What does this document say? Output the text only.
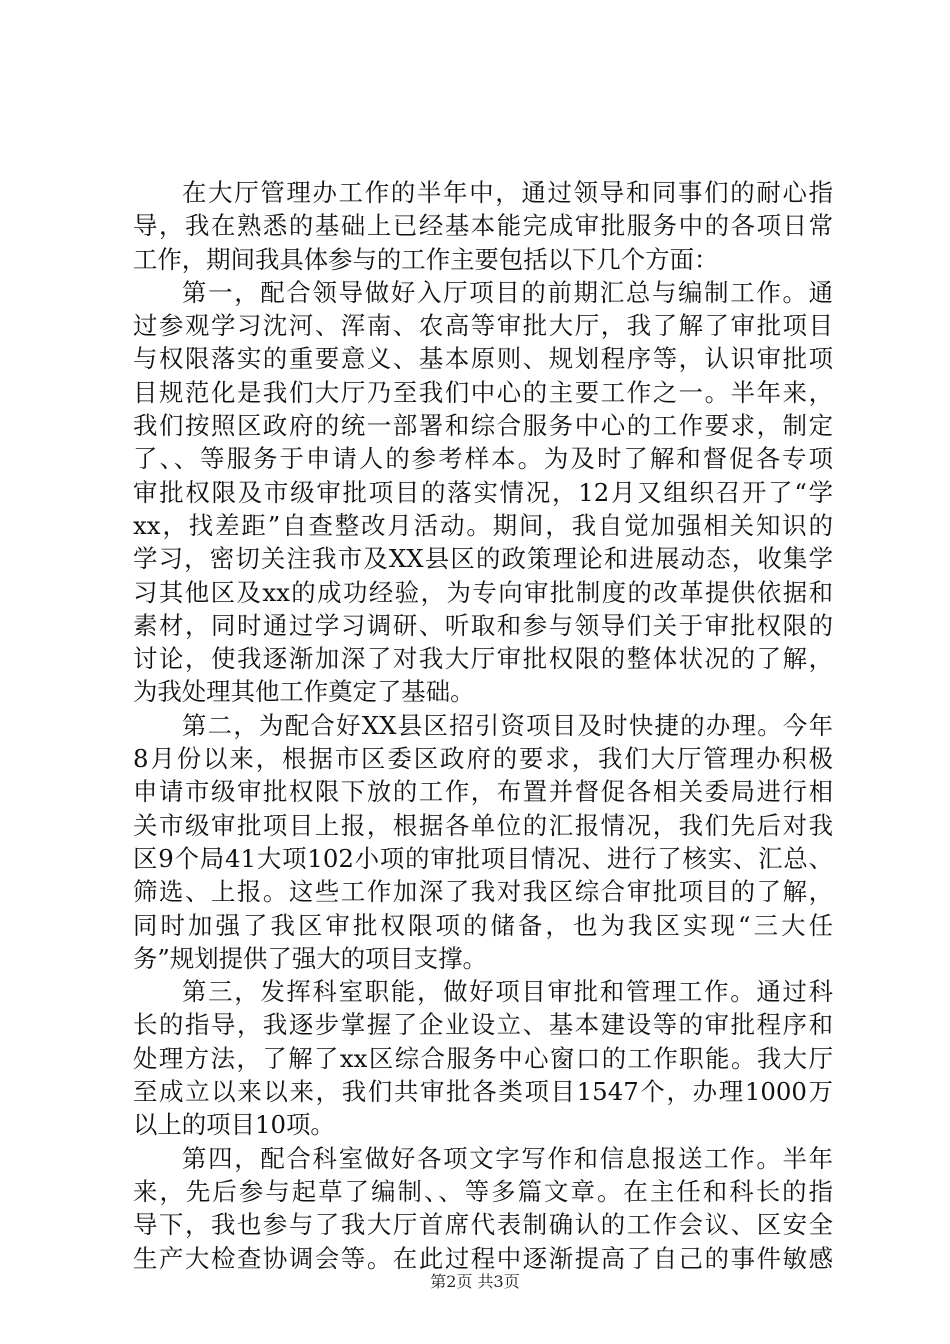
在大厅管理办工作的半年中，通过领导和同事们的耐心指
导，我在熟悉的基础上已经基本能完成审批服务中的各项日常
工作，期间我具体参与的工作主要包括以下几个方面：
第一，配合领导做好入厅项目的前期汇总与编制工作。通
过参观学习沈河、浑南、农高等审批大厅，我了解了审批项目
与权限落实的重要意义、基本原则、规划程序等，认识审批项
目规范化是我们大厅乃至我们中心的主要工作之一。半年来，
我们按照区政府的统一部署和综合服务中心的工作要求，制定
了、、等服务于申请人的参考样本。为及时了解和督促各专项
审批权限及市级审批项目的落实情况，12月又组织召开了“学
xx，找差距”自查整改月活动。期间，我自觉加强相关知识的
学习，密切关注我市及XX县区的政策理论和进展动态，收集学
习其他区及xx的成功经验，为专向审批制度的改革提供依据和
素材，同时通过学习调研、听取和参与领导们关于审批权限的
讨论，使我逐渐加深了对我大厅审批权限的整体状况的了解，
为我处理其他工作奠定了基础。
第二，为配合好XX县区招引资项目及时快捷的办理。今年
8月份以来，根据市区委区政府的要求，我们大厅管理办积极
申请市级审批权限下放的工作，布置并督促各相关委局进行相
关市级审批项目上报，根据各单位的汇报情况，我们先后对我
区9个局41大项102小项的审批项目情况、进行了核实、汇总、
筛选、上报。这些工作加深了我对我区综合审批项目的了解，
同时加强了我区审批权限项的储备，也为我区实现“三大任
务”规划提供了强大的项目支撑。
第三，发挥科室职能，做好项目审批和管理工作。通过科
长的指导，我逐步掌握了企业设立、基本建设等的审批程序和
处理方法，了解了xx区综合服务中心窗口的工作职能。我大厅
至成立以来以来，我们共审批各类项目1547个，办理1000万
以上的项目10项。
第四，配合科室做好各项文字写作和信息报送工作。半年
来，先后参与起草了编制、、等多篇文章。在主任和科长的指
导下，我也参与了我大厅首席代表制确认的工作会议、区安全
生产大检查协调会等。在此过程中逐渐提高了自己的事件敏感
第2页 共3页
